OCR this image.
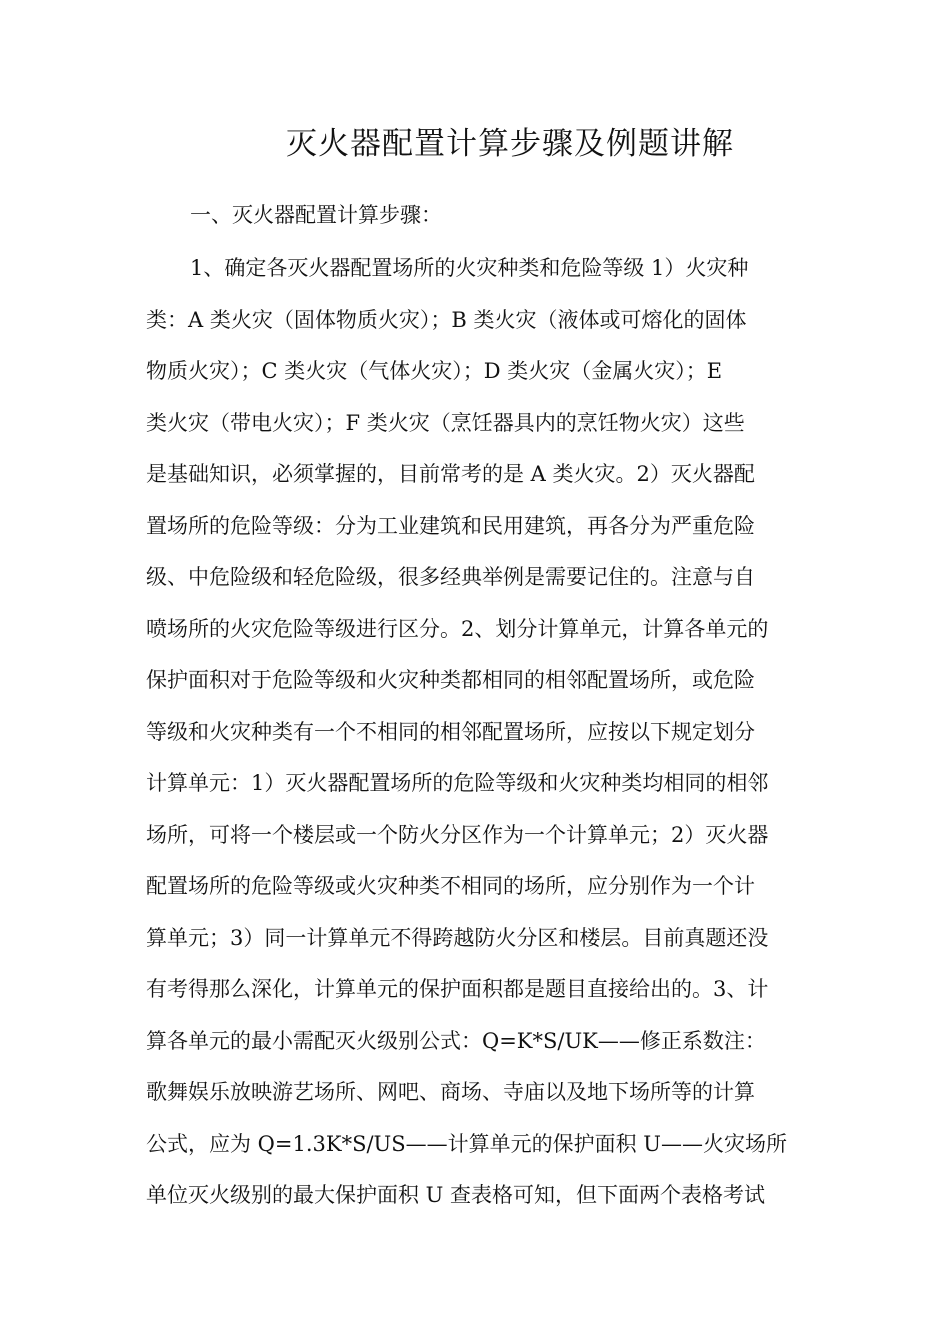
灭火器配置计算步骤及例题讲解
一、灭火器配置计算步骤：
1、确定各灭火器配置场所的火灾种类和危险等级 1）火灾种
类：A 类火灾（固体物质火灾）；B 类火灾（液体或可熔化的固体
物质火灾）；C 类火灾（气体火灾）；D 类火灾（金属火灾）；E
类火灾（带电火灾）；F 类火灾（烹饪器具内的烹饪物火灾）这些
是基础知识，必须掌握的，目前常考的是 A 类火灾。2）灭火器配
置场所的危险等级：分为工业建筑和民用建筑，再各分为严重危险
级、中危险级和轻危险级，很多经典举例是需要记住的。注意与自
喷场所的火灾危险等级进行区分。2、划分计算单元，计算各单元的
保护面积对于危险等级和火灾种类都相同的相邻配置场所，或危险
等级和火灾种类有一个不相同的相邻配置场所，应按以下规定划分
计算单元：1）灭火器配置场所的危险等级和火灾种类均相同的相邻
场所，可将一个楼层或一个防火分区作为一个计算单元；2）灭火器
配置场所的危险等级或火灾种类不相同的场所，应分别作为一个计
算单元；3）同一计算单元不得跨越防火分区和楼层。目前真题还没
有考得那么深化，计算单元的保护面积都是题目直接给出的。3、计
算各单元的最小需配灭火级别公式：Q=K*S/UK——修正系数注：
歌舞娱乐放映游艺场所、网吧、商场、寺庙以及地下场所等的计算
公式，应为 Q=1.3K*S/US——计算单元的保护面积 U——火灾场所
单位灭火级别的最大保护面积 U 查表格可知，但下面两个表格考试
